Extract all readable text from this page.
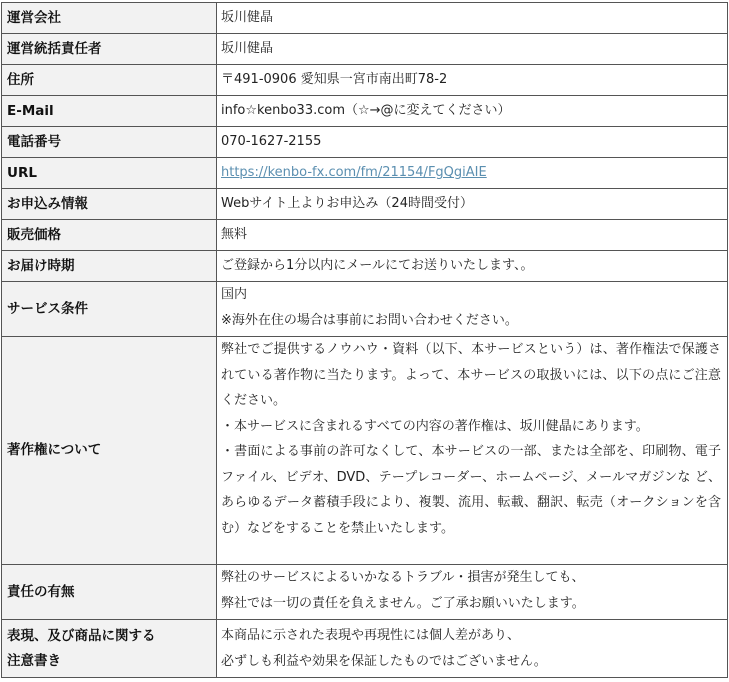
運営会社	坂川健晶
運営統括責任者	坂川健晶
住所	〒491-0906 愛知県一宮市南出町78-2
E-Mail	info☆kenbo33.com（☆→@に変えてください）
電話番号	070-1627-2155
URL	https://kenbo-fx.com/fm/21154/FgQgiAIE
お申込み情報	Webサイト上よりお申込み（24時間受付）
販売価格	無料
お届け時期	ご登録から1分以内にメールにてお送りいたします、。
サービス条件	国内
※海外在住の場合は事前にお問い合わせください。

著作権について	弊社でご提供するノウハウ・資料（以下、本サービスという）は、著作権法で保護されている著作物に当たります。よって、本サービスの取扱いには、以下の点にご注意ください。
・本サービスに含まれるすべての内容の著作権は、坂川健晶にあります。
・書面による事前の許可なくして、本サービスの一部、または全部を、印刷物、電子ファイル、ビデオ、DVD、テープレコーダー、ホームページ、メールマガジンな ど、あらゆるデータ蓄積手段により、複製、流用、転載、翻訳、転売（オークションを含む）などをすることを禁止いたします。

責任の有無	弊社のサービスによるいかなるトラブル・損害が発生しても、
弊社では一切の責任を負えません。ご了承お願いいたします。

表現、及び商品に関する
注意書き	本商品に示された表現や再現性には個人差があり、
必ずしも利益や効果を保証したものではございません。
